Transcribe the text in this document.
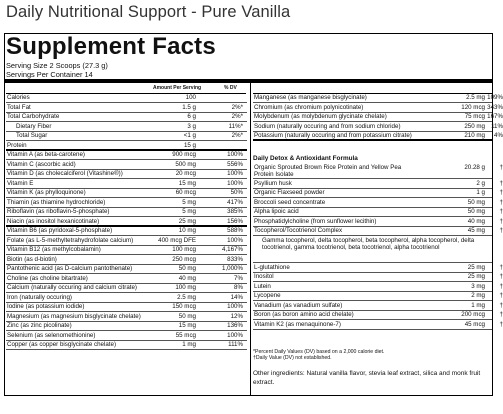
Daily Nutritional Support - Pure Vanilla
Supplement Facts
Serving Size 2 Scoops (27.3 g)
Servings Per Container 14
Amount Per Serving	% DV
Calories	100
Total Fat	1.5 g	2%*
Total Carbohydrate	6 g	2%*
Dietary Fiber	3 g	11%*
Total Sugar	<1 g	2%*
Protein	15 g
Vitamin A (as beta-carotene)	900 mcg	100%
Vitamin C (ascorbic acid)	500 mg	556%
Vitamin D (as cholecalciferol (Vitashine®))	20 mcg	100%
Vitamin E	15 mg	100%
Vitamin K (as phylloquinone)	60 mcg	50%
Thiamin (as thiamine hydrochloride)	5 mg	417%
Riboflavin (as riboflavin-5-phosphate)	5 mg	385%
Niacin (as inositol hexanicotinate)	25 mg	156%
Vitamin B6 (as pyridoxal-5-phosphate)	10 mg	588%
Folate (as L-5-methyltetrahydrofolate calcium)	400 mcg DFE	100%
Vitamin B12 (as methylcobalamin)	100 mcg	4,167%
Biotin (as d-biotin)	250 mcg	833%
Pantothenic acid (as D-calcium pantothenate)	50 mg	1,000%
Choline (as choline bitartrate)	40 mg	7%
Calcium (naturally occuring and calcium citrate)	100 mg	8%
Iron (naturally occuring)	2.5 mg	14%
Iodine (as potassium iodide)	150 mcg	100%
Magnesium (as magnesium bisglycinate chelate)	50 mg	12%
Zinc (as zinc picolinate)	15 mg	136%
Selenium (as selenomethionine)	55 mcg	100%
Copper (as copper bisglycinate chelate)	1 mg	111%
Manganese (as manganese bisglycinate)	2.5 mg 109%
Chromium (as chromium polynicotinate)	120 mcg 343%
Molybdenum (as molybdenum glycinate chelate)	75 mcg 167%
Sodium (naturally occuring and from sodium chloride)	250 mg 11%
Potassium (naturally occuring and from potassium citrate)	210 mg	4%
Daily Detox & Antioxidant Formula
Organic Sprouted Brown Rice Protein and Yellow Pea Protein Isolate
20.28 g	†
Psyllium husk	2 g	†
Organic Flaxseed powder	1 g	†
Broccoli seed concentrate	50 mg	†
Alpha lipoic acid	50 mg	†
Phosphatidylcholine (from sunflower lecithin)	40 mg	†
Tocopherol/Tocotrienol Complex	45 mg	†
Gamma tocopherol, delta tocopherol, beta tocopherol, alpha tocopherol, delta tocotrienol, gamma tocotrienol, beta tocotrienol, alpha tocotrienol
L-glutathione	25 mg	†
Inositol	25 mg	†
Lutein	3 mg	†
Lycopene	2 mg	†
Vanadium (as vanadium sulfate)	1 mg	†
Boron (as boron amino acid chelate)	200 mcg	†
Vitamin K2 (as menaquinone-7)	45 mcg	†
*Percent Daily Values (DV) based on a 2,000 calorie diet.
†Daily Value (DV) not established.
Other ingredients: Natural vanilla flavor, stevia leaf extract, silica and monk fruit extract.
